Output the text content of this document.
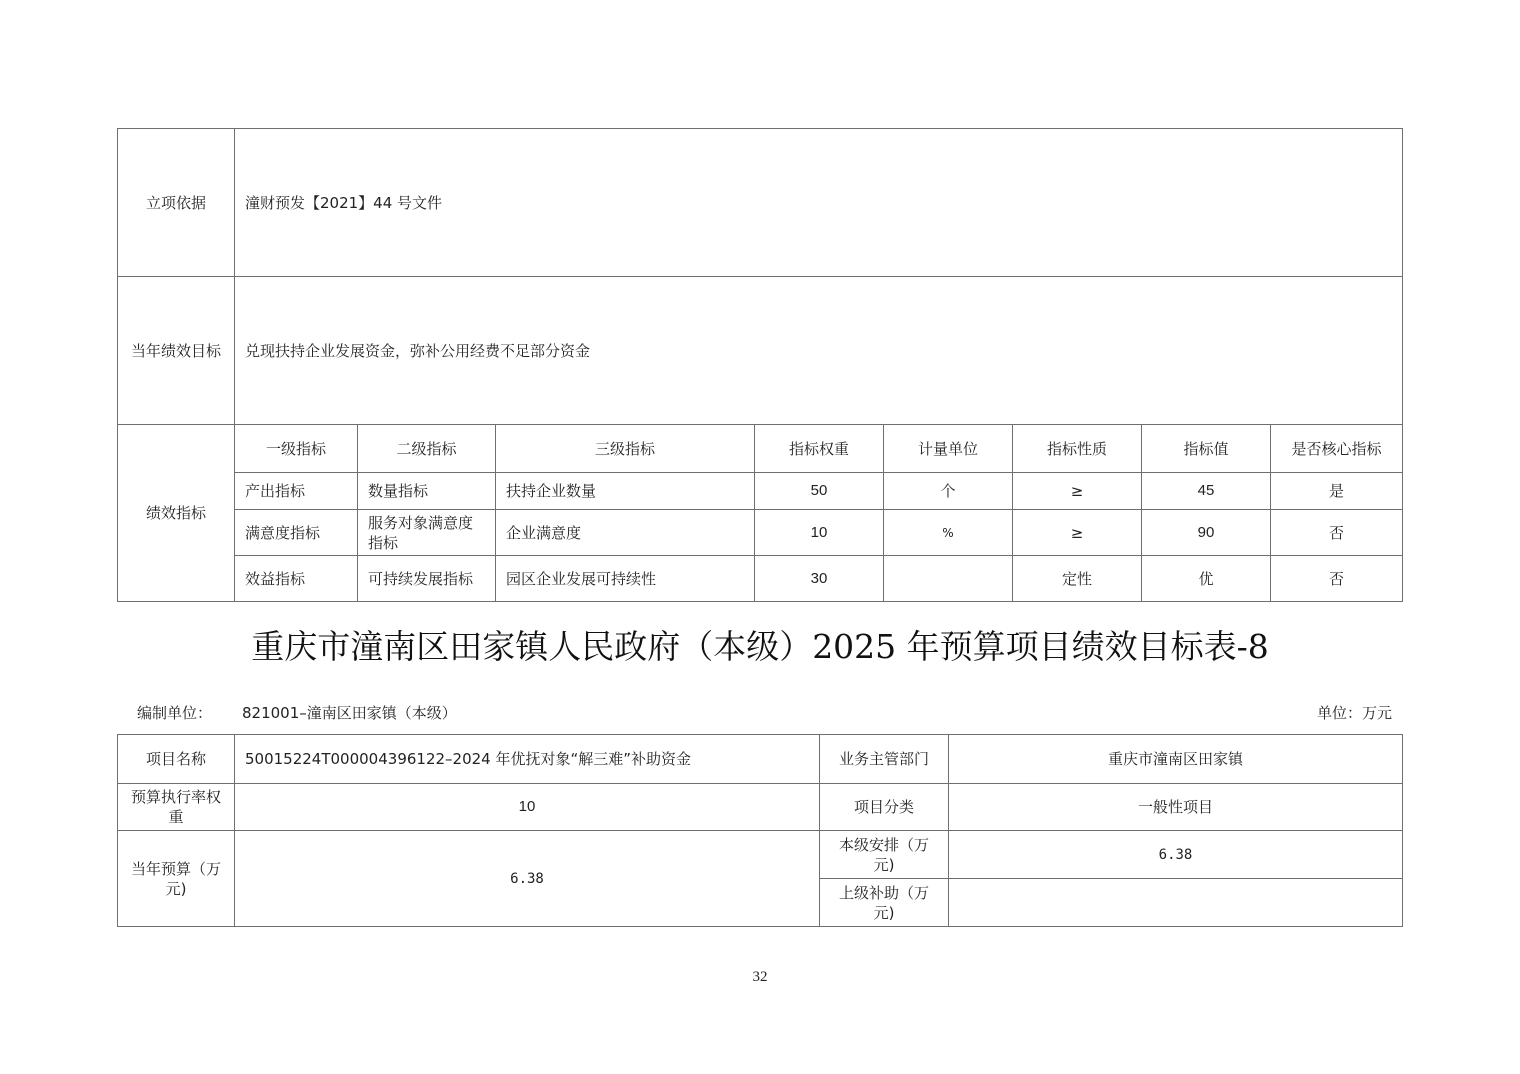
立项依据	潼财预发【2021】44 号文件							
当年绩效目标	兑现扶持企业发展资金，弥补公用经费不足部分资金							
绩效指标	一级指标	二级指标	三级指标	指标权重	计量单位	指标性质	指标值	是否核心指标
	产出指标	数量指标	扶持企业数量	50	个	≥	45	是
	满意度指标	服务对象满意度指标	企业满意度	10	%	≥	90	否
	效益指标	可持续发展指标	园区企业发展可持续性	30		定性	优	否
重庆市潼南区田家镇人民政府（本级）2025 年预算项目绩效目标表-8
编制单位： 821001–潼南区田家镇（本级）	单位：万元
项目名称	50015224T000004396122–2024 年优抚对象“解三难”补助资金	业务主管部门	重庆市潼南区田家镇
预算执行率权重	10	项目分类	一般性项目
当年预算（万元)	6.38	本级安排（万元)	6.38
		上级补助（万元)	
32
